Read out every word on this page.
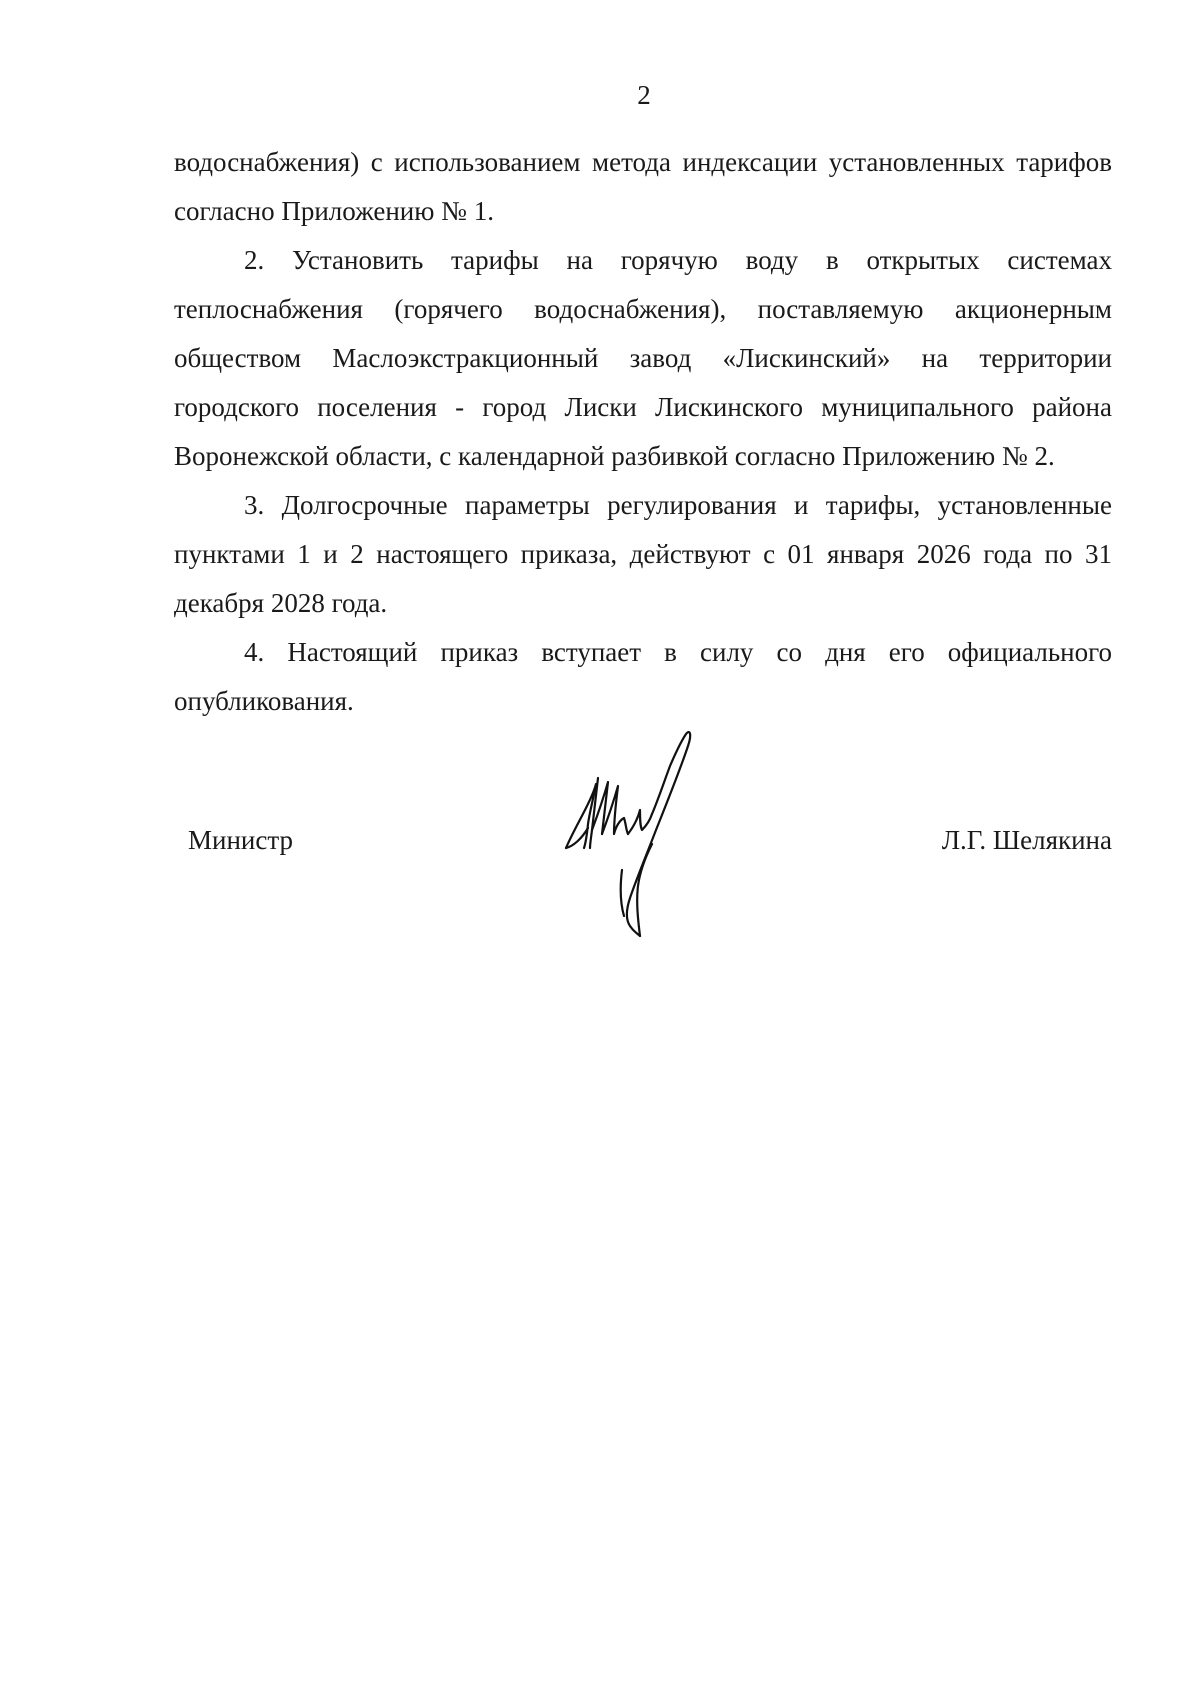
2

водоснабжения) с использованием метода индексации установленных тарифов согласно Приложению № 1.

2. Установить тарифы на горячую воду в открытых системах теплоснабжения (горячего водоснабжения), поставляемую акционерным обществом Маслоэкстракционный завод «Лискинский» на территории городского поселения - город Лиски Лискинского муниципального района Воронежской области, с календарной разбивкой согласно Приложению № 2.

3. Долгосрочные параметры регулирования и тарифы, установленные пунктами 1 и 2 настоящего приказа, действуют с 01 января 2026 года по 31 декабря 2028 года.

4. Настоящий приказ вступает в силу со дня его официального опубликования.

Министр	Л.Г. Шелякина
